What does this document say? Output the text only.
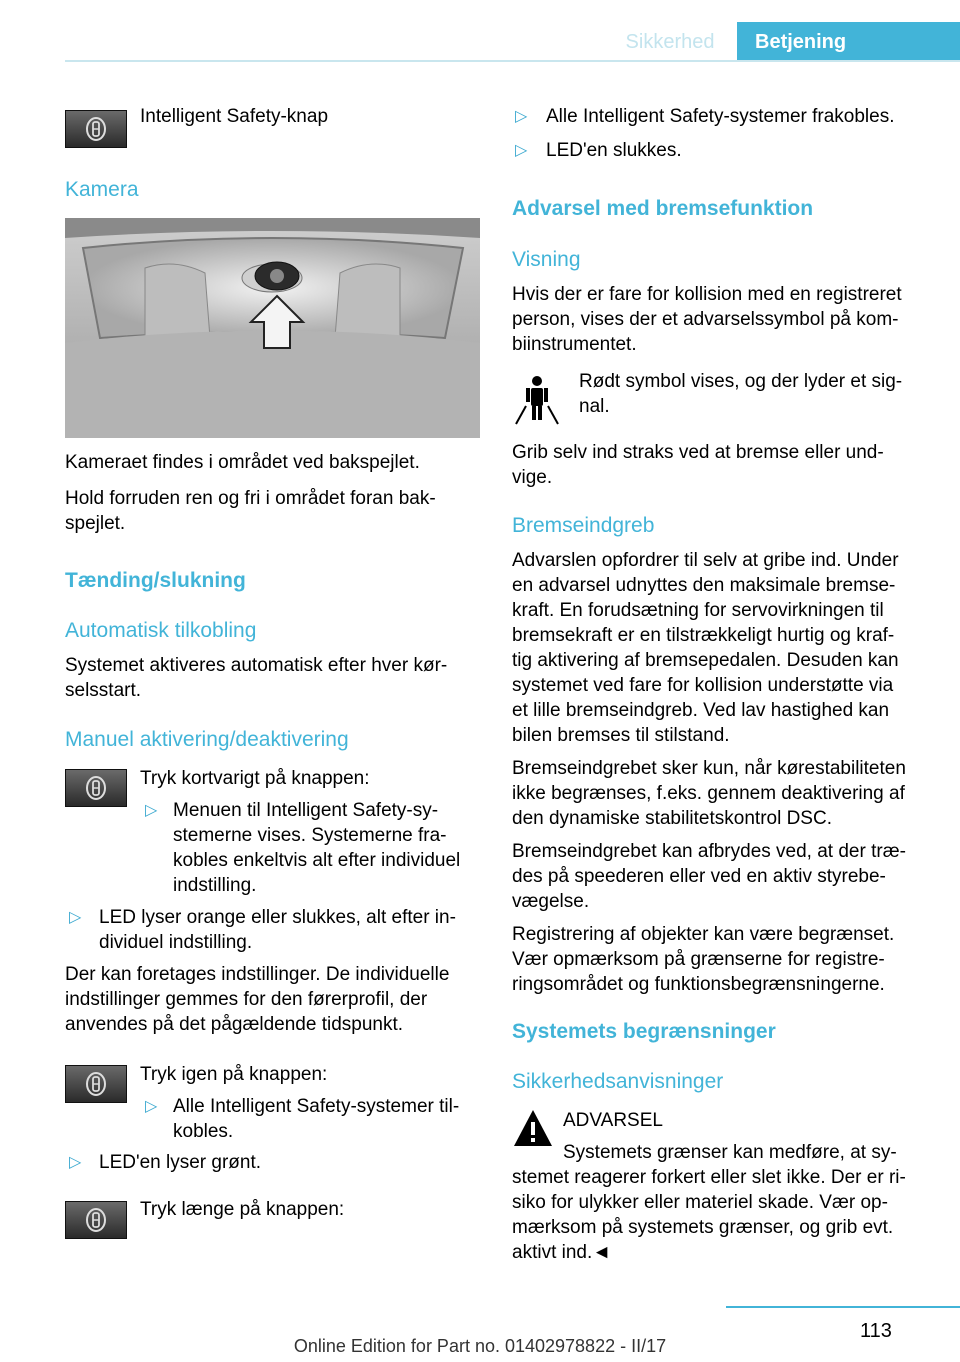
Sikkerhed	Betjening
Intelligent Safety-knap
Kamera
Kameraet findes i området ved bakspejlet.
Hold forruden ren og fri i området foran bak-
spejlet.
Tænding/slukning
Automatisk tilkobling
Systemet aktiveres automatisk efter hver kør-
selsstart.
Manuel aktivering/deaktivering
Tryk kortvarigt på knappen:
▷ Menuen til Intelligent Safety-sy-
stemerne vises. Systemerne fra-
kobles enkeltvis alt efter individuel
indstilling.
▷ LED lyser orange eller slukkes, alt efter in-
dividuel indstilling.
Der kan foretages indstillinger. De individuelle
indstillinger gemmes for den førerprofil, der
anvendes på det pågældende tidspunkt.
Tryk igen på knappen:
▷ Alle Intelligent Safety-systemer til-
kobles.
▷ LED'en lyser grønt.
Tryk længe på knappen:
▷ Alle Intelligent Safety-systemer frakobles.
▷ LED'en slukkes.
Advarsel med bremsefunktion
Visning
Hvis der er fare for kollision med en registreret
person, vises der et advarselssymbol på kom-
biinstrumentet.
Rødt symbol vises, og der lyder et sig-
nal.
Grib selv ind straks ved at bremse eller und-
vige.
Bremseindgreb
Advarslen opfordrer til selv at gribe ind. Under
en advarsel udnyttes den maksimale bremse-
kraft. En forudsætning for servovirkningen til
bremsekraft er en tilstrækkeligt hurtig og kraf-
tig aktivering af bremsepedalen. Desuden kan
systemet ved fare for kollision understøtte via
et lille bremseindgreb. Ved lav hastighed kan
bilen bremses til stilstand.
Bremseindgrebet sker kun, når kørestabiliteten
ikke begrænses, f.eks. gennem deaktivering af
den dynamiske stabilitetskontrol DSC.
Bremseindgrebet kan afbrydes ved, at der træ-
des på speederen eller ved en aktiv styrebe-
vægelse.
Registrering af objekter kan være begrænset.
Vær opmærksom på grænserne for registre-
ringsområdet og funktionsbegrænsningerne.
Systemets begrænsninger
Sikkerhedsanvisninger
ADVARSEL
Systemets grænser kan medføre, at sy-
stemet reagerer forkert eller slet ikke. Der er ri-
siko for ulykker eller materiel skade. Vær op-
mærksom på systemets grænser, og grib evt.
aktivt ind.◄
113
Online Edition for Part no. 01402978822 - II/17
